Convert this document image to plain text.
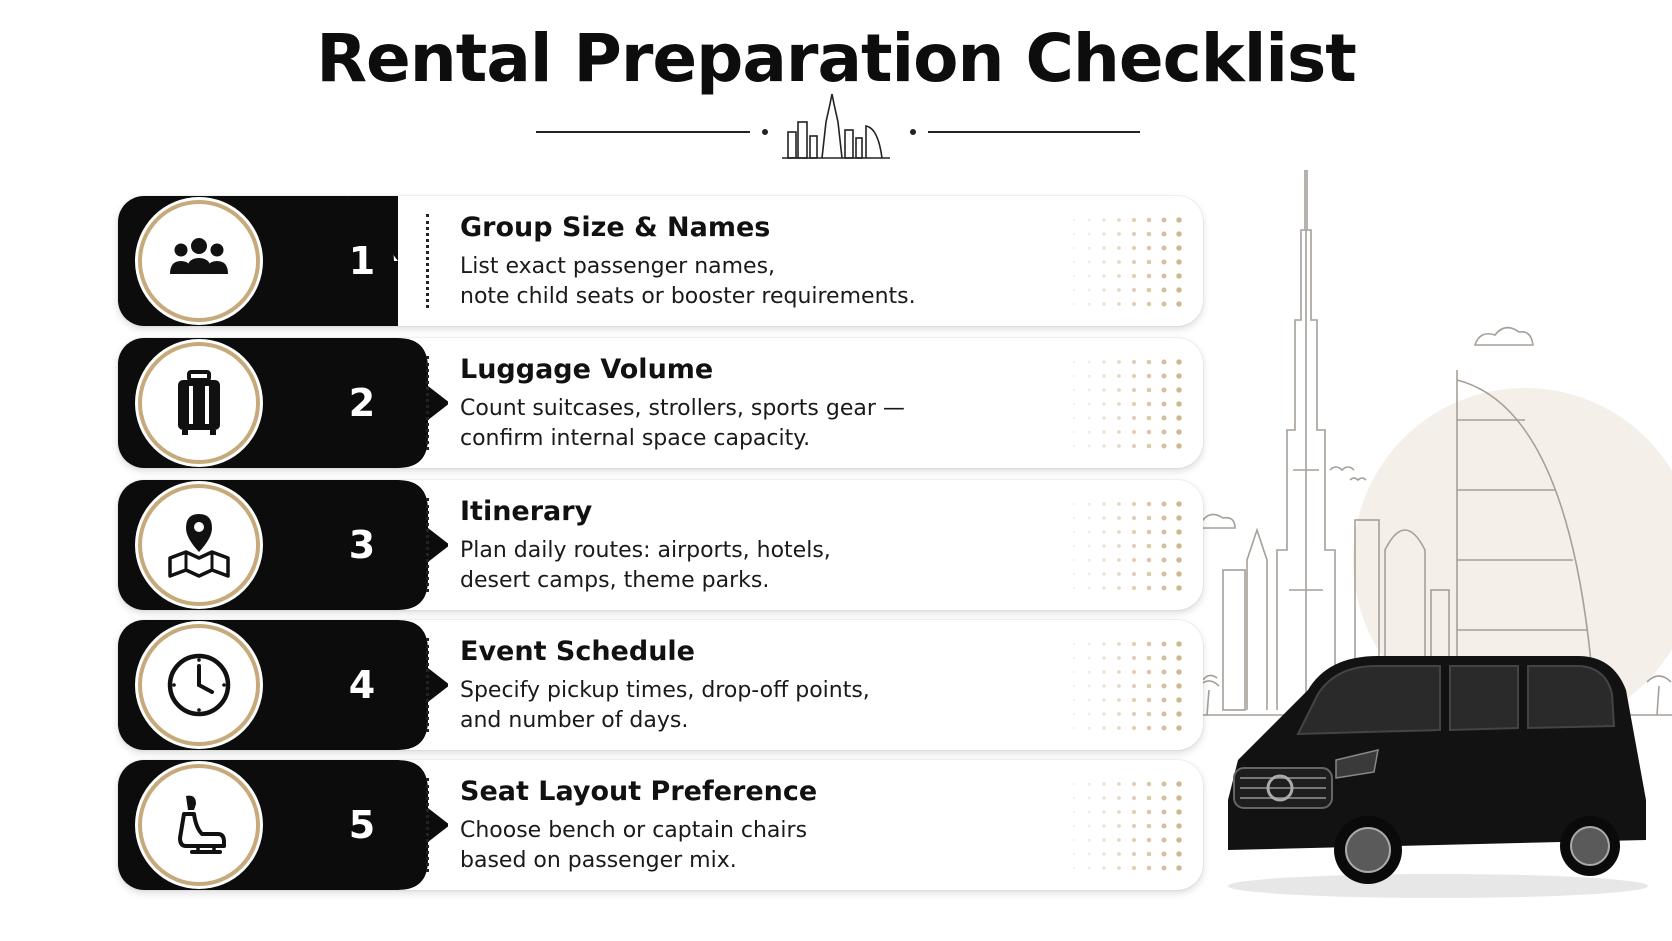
Rental Preparation Checklist
1
Group Size & Names
List exact passenger names,
note child seats or booster requirements.
2
Luggage Volume
Count suitcases, strollers, sports gear —
confirm internal space capacity.
3
Itinerary
Plan daily routes: airports, hotels,
desert camps, theme parks.
4
Event Schedule
Specify pickup times, drop-off points,
and number of days.
5
Seat Layout Preference
Choose bench or captain chairs
based on passenger mix.
